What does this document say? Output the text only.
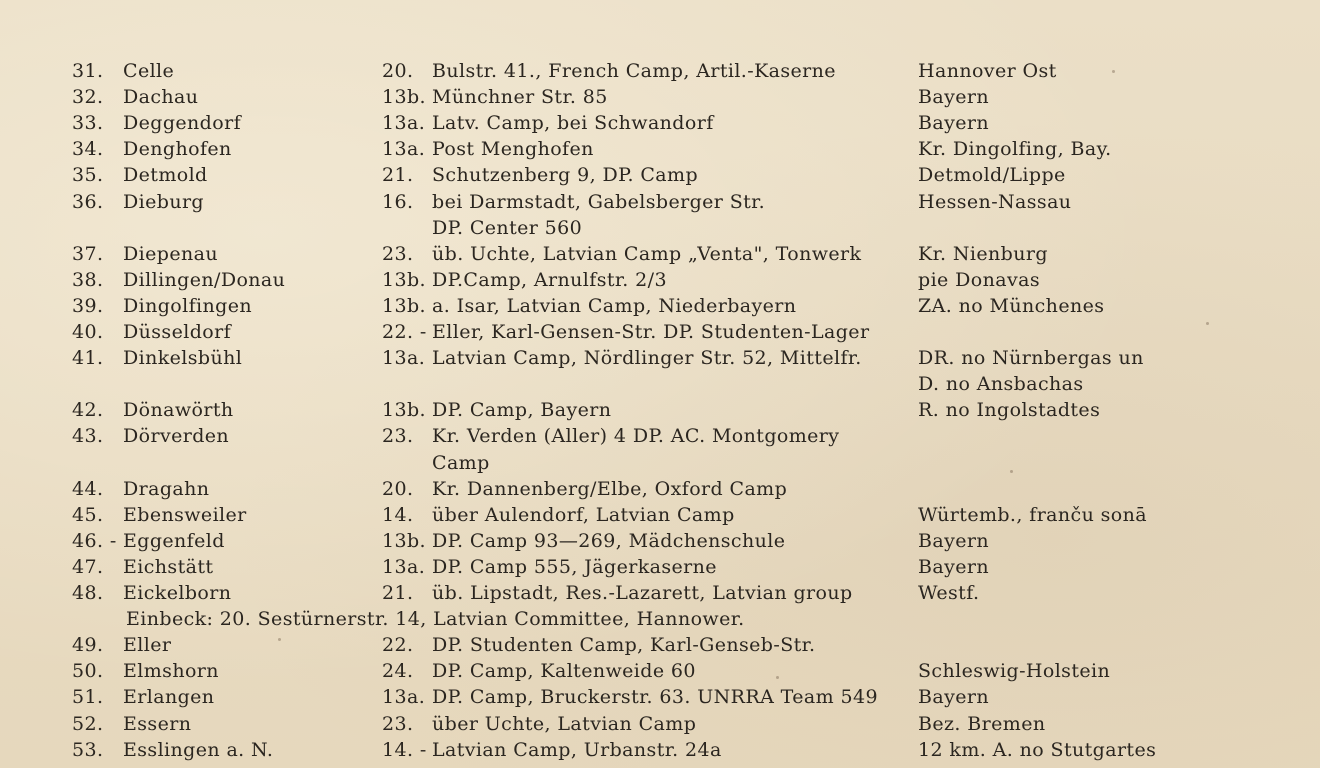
31. Celle	20. Bulstr. 41., French Camp, Artil.-Kaserne	Hannover Ost
32. Dachau	13b. Münchner Str. 85	Bayern
33. Deggendorf	13a. Latv. Camp, bei Schwandorf	Bayern
34. Denghofen	13a. Post Menghofen	Kr. Dingolfing, Bay.
35. Detmold	21. Schutzenberg 9, DP. Camp	Detmold/Lippe
36. Dieburg	16. bei Darmstadt, Gabelsberger Str.	Hessen-Nassau
DP. Center 560
37. Diepenau	23. üb. Uchte, Latvian Camp „Venta", Tonwerk	Kr. Nienburg
38. Dillingen/Donau	13b. DP.Camp, Arnulfstr. 2/3	pie Donavas
39. Dingolfingen	13b. a. Isar, Latvian Camp, Niederbayern	ZA. no Münchenes
40. Düsseldorf	22. - Eller, Karl-Gensen-Str. DP. Studenten-Lager
41. Dinkelsbühl	13a. Latvian Camp, Nördlinger Str. 52, Mittelfr.	DR. no Nürnbergas un
D. no Ansbachas
42. Dönawörth	13b. DP. Camp, Bayern	R. no Ingolstadtes
43. Dörverden	23. Kr. Verden (Aller) 4 DP. AC. Montgomery
Camp
44. Dragahn	20. Kr. Dannenberg/Elbe, Oxford Camp
45. Ebensweiler	14. über Aulendorf, Latvian Camp	Würtemb., franču sonā
46. - Eggenfeld	13b. DP. Camp 93—269, Mädchenschule	Bayern
47. Eichstätt	13a. DP. Camp 555, Jägerkaserne	Bayern
48. Eickelborn	21. üb. Lipstadt, Res.-Lazarett, Latvian group	Westf.
Einbeck: 20. Sestürnerstr. 14, Latvian Committee, Hannower.
49. Eller	22. DP. Studenten Camp, Karl-Genseb-Str.
50. Elmshorn	24. DP. Camp, Kaltenweide 60	Schleswig-Holstein
51. Erlangen	13a. DP. Camp, Bruckerstr. 63. UNRRA Team 549 Bayern
52. Essern	23. über Uchte, Latvian Camp	Bez. Bremen
53. Esslingen a. N.	14. - Latvian Camp, Urbanstr. 24a	12 km. A. no Stutgartes
